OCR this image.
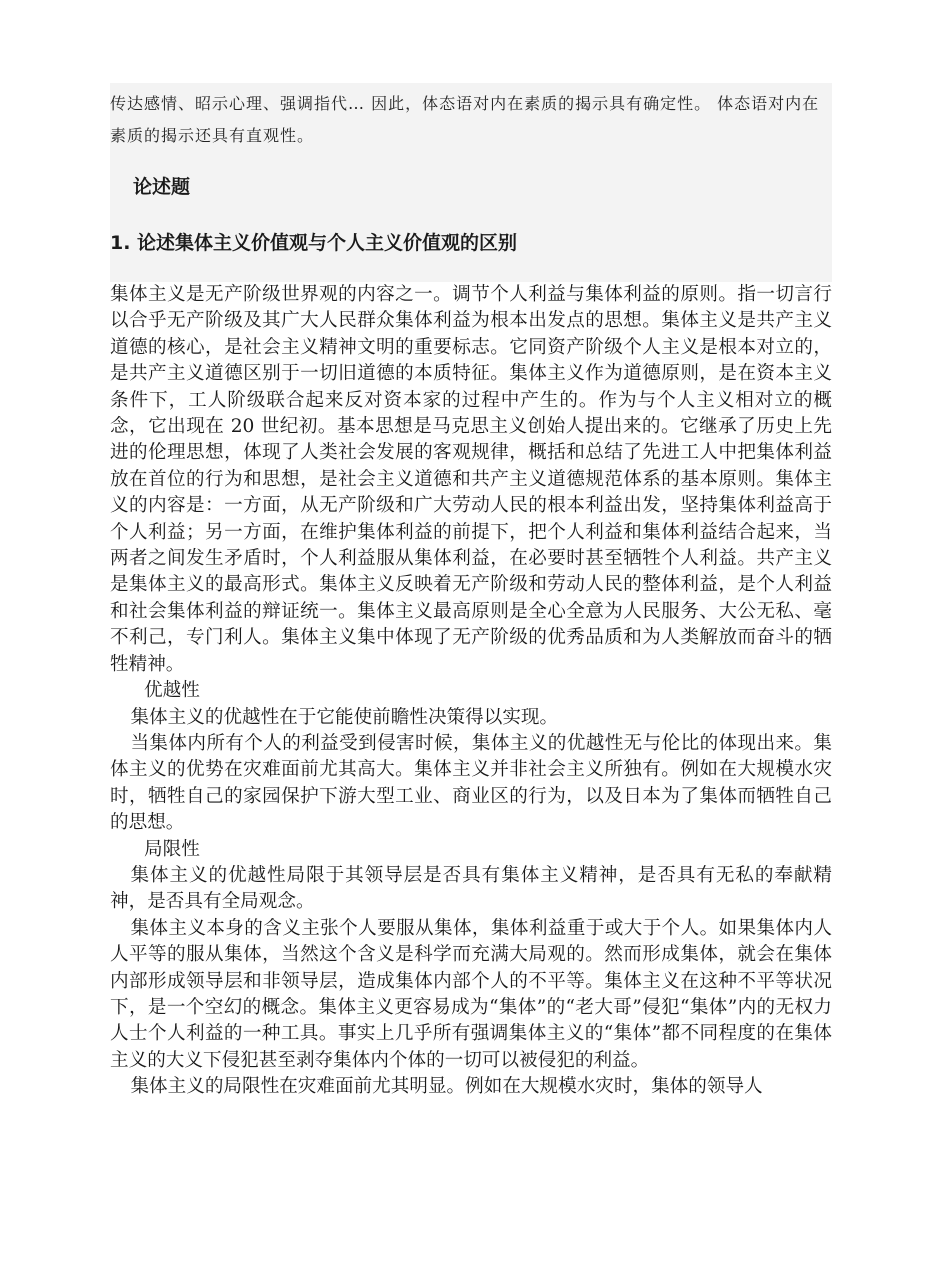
传达感情、昭示心理、强调指代… 因此，体态语对内在素质的揭示具有确定性。 体态语对内在素质的揭示还具有直观性。

论述题
1. 论述集体主义价值观与个人主义价值观的区别

集体主义是无产阶级世界观的内容之一。调节个人利益与集体利益的原则。指一切言行以合乎无产阶级及其广大人民群众集体利益为根本出发点的思想。集体主义是共产主义道德的核心，是社会主义精神文明的重要标志。它同资产阶级个人主义是根本对立的，是共产主义道德区别于一切旧道德的本质特征。集体主义作为道德原则，是在资本主义条件下，工人阶级联合起来反对资本家的过程中产生的。作为与个人主义相对立的概念，它出现在 20 世纪初。基本思想是马克思主义创始人提出来的。它继承了历史上先进的伦理思想，体现了人类社会发展的客观规律，概括和总结了先进工人中把集体利益放在首位的行为和思想，是社会主义道德和共产主义道德规范体系的基本原则。集体主义的内容是：一方面，从无产阶级和广大劳动人民的根本利益出发，坚持集体利益高于个人利益；另一方面，在维护集体利益的前提下，把个人利益和集体利益结合起来，当两者之间发生矛盾时，个人利益服从集体利益，在必要时甚至牺牲个人利益。共产主义是集体主义的最高形式。集体主义反映着无产阶级和劳动人民的整体利益，是个人利益和社会集体利益的辩证统一。集体主义最高原则是全心全意为人民服务、大公无私、毫不利己，专门利人。集体主义集中体现了无产阶级的优秀品质和为人类解放而奋斗的牺牲精神。

优越性

集体主义的优越性在于它能使前瞻性决策得以实现。

当集体内所有个人的利益受到侵害时候，集体主义的优越性无与伦比的体现出来。集体主义的优势在灾难面前尤其高大。集体主义并非社会主义所独有。例如在大规模水灾时，牺牲自己的家园保护下游大型工业、商业区的行为，以及日本为了集体而牺牲自己的思想。

局限性

集体主义的优越性局限于其领导层是否具有集体主义精神，是否具有无私的奉献精神，是否具有全局观念。

集体主义本身的含义主张个人要服从集体，集体利益重于或大于个人。如果集体内人人平等的服从集体，当然这个含义是科学而充满大局观的。然而形成集体，就会在集体内部形成领导层和非领导层，造成集体内部个人的不平等。集体主义在这种不平等状况下，是一个空幻的概念。集体主义更容易成为“集体”的“老大哥”侵犯“集体”内的无权力人士个人利益的一种工具。事实上几乎所有强调集体主义的“集体”都不同程度的在集体主义的大义下侵犯甚至剥夺集体内个体的一切可以被侵犯的利益。

集体主义的局限性在灾难面前尤其明显。例如在大规模水灾时，集体的领导人
